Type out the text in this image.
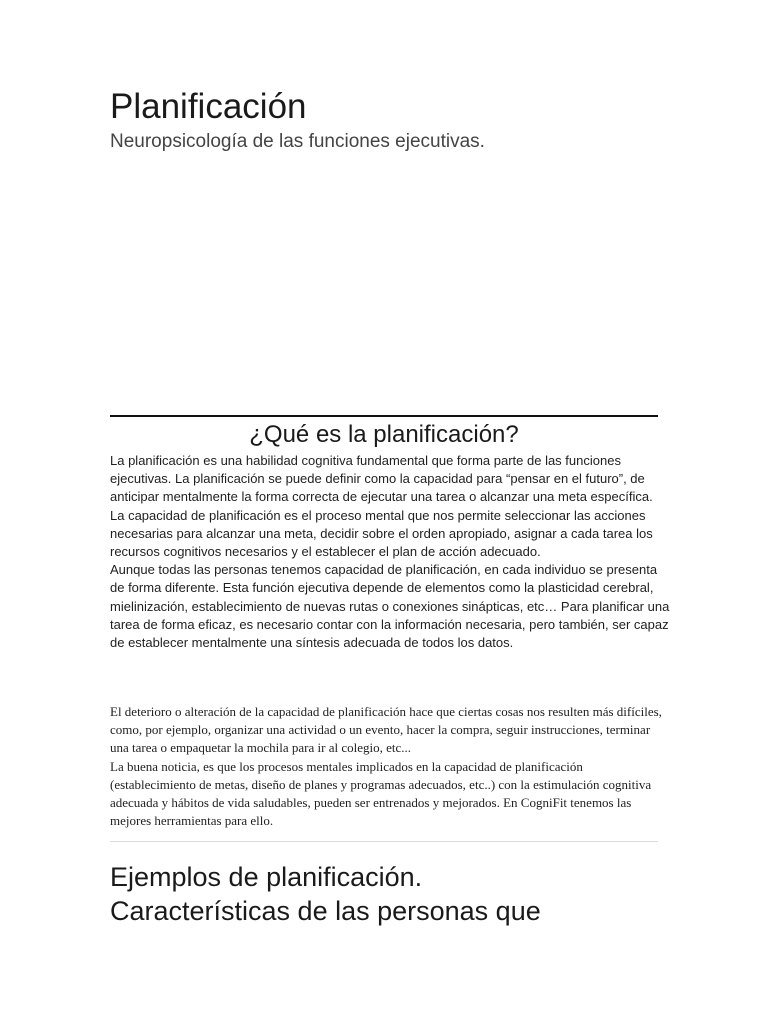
Planificación
Neuropsicología de las funciones ejecutivas.
¿Qué es la planificación?

La planificación es una habilidad cognitiva fundamental que forma parte de las funciones ejecutivas. La planificación se puede definir como la capacidad para “pensar en el futuro”, de anticipar mentalmente la forma correcta de ejecutar una tarea o alcanzar una meta específica.

La capacidad de planificación es el proceso mental que nos permite seleccionar las acciones necesarias para alcanzar una meta, decidir sobre el orden apropiado, asignar a cada tarea los recursos cognitivos necesarios y el establecer el plan de acción adecuado.

Aunque todas las personas tenemos capacidad de planificación, en cada individuo se presenta de forma diferente. Esta función ejecutiva depende de elementos como la plasticidad cerebral, mielinización, establecimiento de nuevas rutas o conexiones sinápticas, etc… Para planificar una tarea de forma eficaz, es necesario contar con la información necesaria, pero también, ser capaz de establecer mentalmente una síntesis adecuada de todos los datos.

El deterioro o alteración de la capacidad de planificación hace que ciertas cosas nos resulten más difíciles, como, por ejemplo, organizar una actividad o un evento, hacer la compra, seguir instrucciones, terminar una tarea o empaquetar la mochila para ir al colegio, etc...

La buena noticia, es que los procesos mentales implicados en la capacidad de planificación (establecimiento de metas, diseño de planes y programas adecuados, etc..) con la estimulación cognitiva adecuada y hábitos de vida saludables, pueden ser entrenados y mejorados. En CogniFit tenemos las mejores herramientas para ello.

Ejemplos de planificación.
Características de las personas que
